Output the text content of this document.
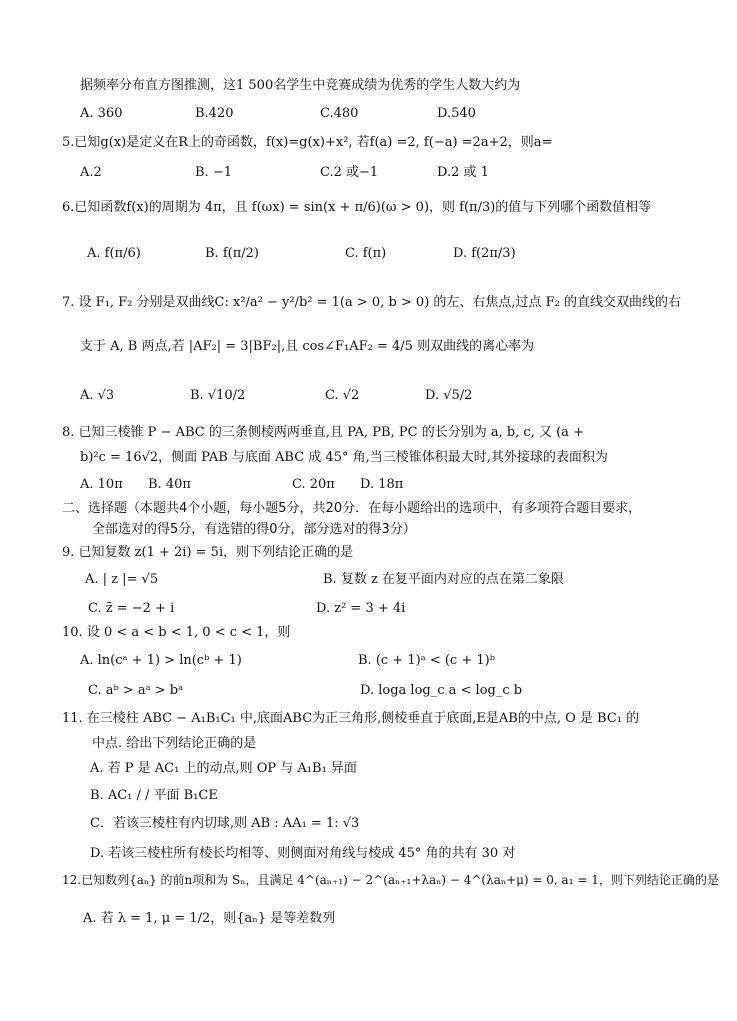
据频率分布直方图推测，这1 500名学生中竞赛成绩为优秀的学生人数大约为
A. 360	B.420	C.480	D.540
5.已知g(x)是定义在R上的奇函数，f(x)=g(x)+x², 若f(a) =2, f(−a) =2a+2，则a=
A.2	B. −1	C.2 或−1	D.2 或 1
6.已知函数f(x)的周期为 4π，且 f(ωx) = sin(x + π/6)(ω > 0)，则 f(π/3)的值与下列哪个函数值相等
A. f(π/6)	B. f(π/2)	C. f(π)	D. f(2π/3)
7. 设 F₁, F₂ 分别是双曲线C: x²/a² − y²/b² = 1(a > 0, b > 0) 的左、右焦点,过点 F₂ 的直线交双曲线的右
支于 A, B 两点,若 |AF₂| = 3|BF₂|,且 cos∠F₁AF₂ = 4/5 则双曲线的离心率为
A. √3	B. √10/2	C. √2	D. √5/2
8. 已知三棱锥 P − ABC 的三条侧棱两两垂直,且 PA, PB, PC 的长分别为 a, b, c, 又 (a +
b)²c = 16√2，侧面 PAB 与底面 ABC 成 45° 角,当三棱锥体积最大时,其外接球的表面积为
A. 10π B. 40π	C. 20π D. 18π
二、选择题（本题共4个小题，每小题5分，共20分．在每小题给出的选项中，有多项符合题目要求，
全部选对的得5分，有选错的得0分，部分选对的得3分）
9. 已知复数 z(1 + 2i) = 5i，则下列结论正确的是
A. | z |= √5	B. 复数 z 在复平面内对应的点在第二象限
C. z̄ = −2 + i	D. z² = 3 + 4i
10. 设 0 < a < b < 1, 0 < c < 1，则
A. ln(cᵃ + 1) > ln(cᵇ + 1)	B. (c + 1)ᵃ < (c + 1)ᵇ
C. aᵇ > aᵃ > bᵃ	D. loga log_c a < log_c b
11. 在三棱柱 ABC − A₁B₁C₁ 中,底面ABC为正三角形,侧棱垂直于底面,E是AB的中点, O 是 BC₁ 的
中点. 给出下列结论正确的是
A. 若 P 是 AC₁ 上的动点,则 OP 与 A₁B₁ 异面
B. AC₁ / / 平面 B₁CE
C．若该三棱柱有内切球,则 AB : AA₁ = 1: √3
D. 若该三棱柱所有棱长均相等、则侧面对角线与棱成 45° 角的共有 30 对
12.已知数列{aₙ} 的前n项和为 Sₙ，且满足 4^(aₙ₊₁) − 2^(aₙ₊₁+λaₙ) − 4^(λaₙ+μ) = 0, a₁ = 1，则下列结论正确的是
A. 若 λ = 1, μ = 1/2，则{aₙ} 是等差数列
